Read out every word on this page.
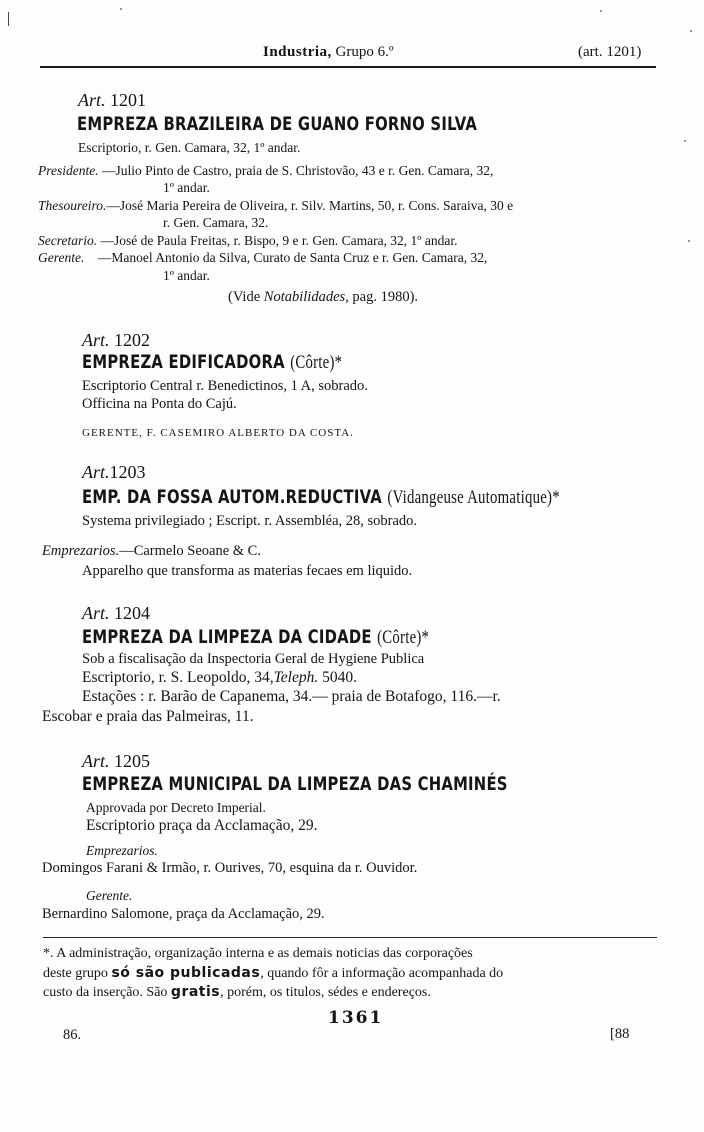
Industria, Grupo 6.º	(art. 1201)
Art. 1201
EMPREZA BRAZILEIRA DE GUANO FORNO SILVA
Escriptorio, r. Gen. Camara, 32, 1º andar.
Presidente. —Julio Pinto de Castro, praia de S. Christovão, 43 e r. Gen. Camara, 32,
1º andar.
Thesoureiro.—José Maria Pereira de Oliveira, r. Silv. Martins, 50, r. Cons. Saraiva, 30 e
r. Gen. Camara, 32.
Secretario. —José de Paula Freitas, r. Bispo, 9 e r. Gen. Camara, 32, 1º andar.
Gerente. —Manoel Antonio da Silva, Curato de Santa Cruz e r. Gen. Camara, 32,
1º andar.
(Vide Notabilidades, pag. 1980).
Art. 1202
EMPREZA EDIFICADORA (Côrte)*
Escriptorio Central r. Benedictinos, 1 A, sobrado.
Officina na Ponta do Cajú.
GERENTE, F. CASEMIRO ALBERTO DA COSTA.
Art.1203
EMP. DA FOSSA AUTOM.REDUCTIVA (Vidangeuse Automatique)*
Systema privilegiado ; Escript. r. Assembléa, 28, sobrado.
Emprezarios.—Carmelo Seoane & C.
Apparelho que transforma as materias fecaes em liquido.
Art. 1204
EMPREZA DA LIMPEZA DA CIDADE (Côrte)*
Sob a fiscalisação da Inspectoria Geral de Hygiene Publica
Escriptorio, r. S. Leopoldo, 34,Teleph. 5040.
Estações : r. Barão de Capanema, 34.— praia de Botafogo, 116.—r.
Escobar e praia das Palmeiras, 11.
Art. 1205
EMPREZA MUNICIPAL DA LIMPEZA DAS CHAMINÉS
Approvada por Decreto Imperial.
Escriptorio praça da Acclamação, 29.
Emprezarios.
Domingos Farani & Irmão, r. Ourives, 70, esquina da r. Ouvidor.
Gerente.
Bernardino Salomone, praça da Acclamação, 29.
*. A administração, organização interna e as demais noticias das corporações
deste grupo só são publicadas, quando fôr a informação acompanhada do
custo da inserção. São gratis, porém, os titulos, sédes e endereços.
1361
86.	[88
